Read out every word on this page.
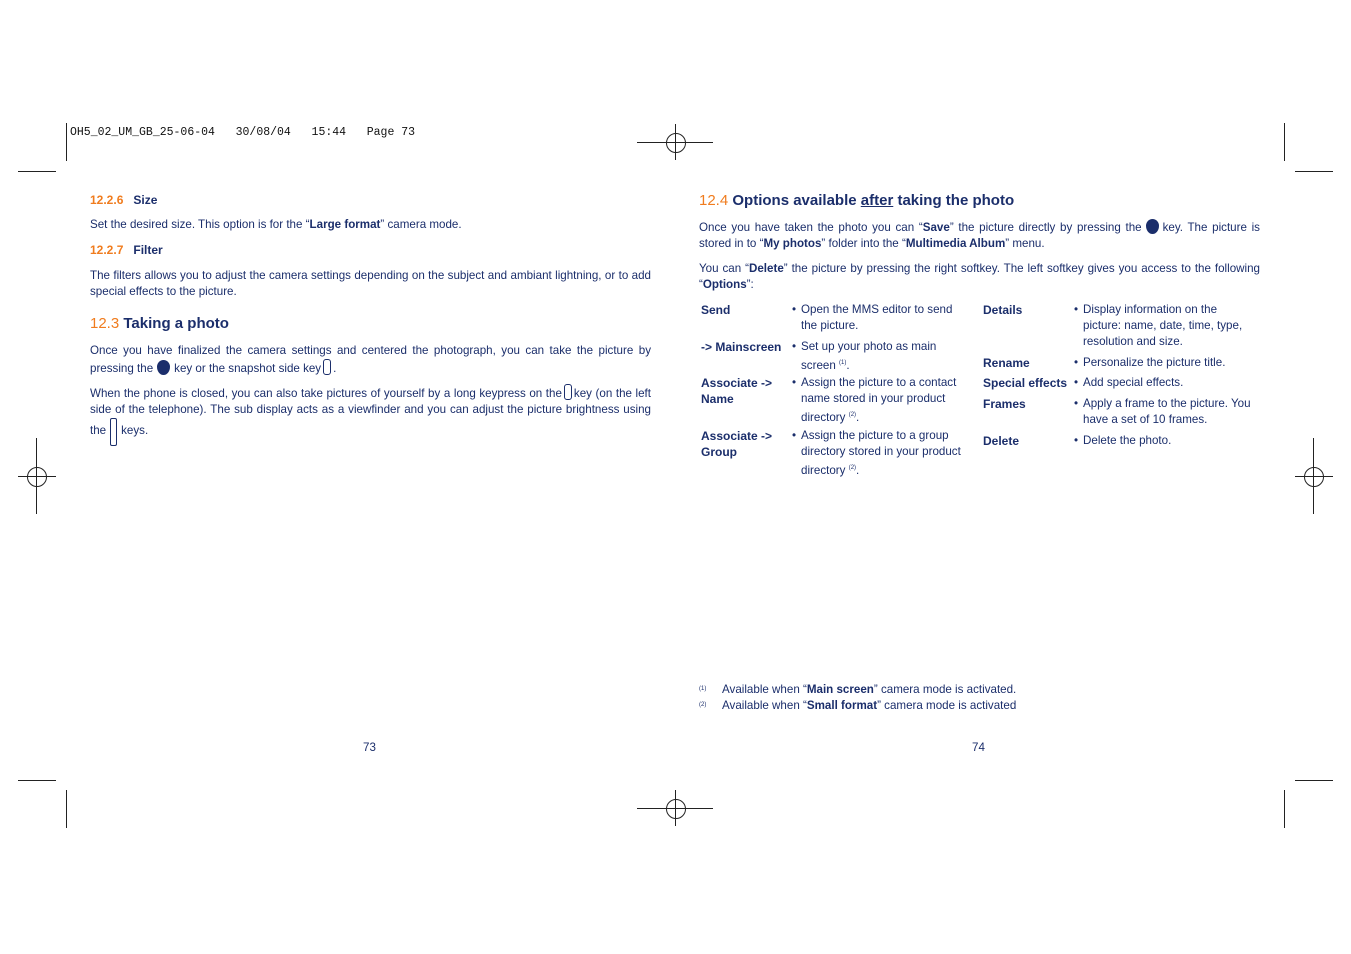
OH5_02_UM_GB_25-06-04   30/08/04   15:44   Page 73
12.2.6 Size
Set the desired size. This option is for the “Large format” camera mode.
12.2.7 Filter
The filters allows you to adjust the camera settings depending on the subject and ambiant lightning, or to add special effects to the picture.
12.3 Taking a photo
Once you have finalized the camera settings and centered the photograph, you can take the picture by pressing the key or the snapshot side key .
When the phone is closed, you can also take pictures of yourself by a long keypress on the key (on the left side of the telephone). The sub display acts as a viewfinder and you can adjust the picture brightness using the keys.
73
12.4 Options available after taking the photo
Once you have taken the photo you can “Save” the picture directly by pressing the key. The picture is stored in to “My photos” folder into the “Multimedia Album” menu.
You can “Delete” the picture by pressing the right softkey. The left softkey gives you access to the following “Options”:
Send	• Open the MMS editor to send the picture.
-> Mainscreen • Set up your photo as main screen $^{(1)}$.
Associate -> Name
• Assign the picture to a contact name stored in your product directory $^{(2)}$.
Associate -> Group
• Assign the picture to a group directory stored in your product directory $^{(2)}$.
Details	• Display information on the picture: name, date, time, type, resolution and size.
Rename	• Personalize the picture title.
Special effects • Add special effects.
Frames	• Apply a frame to the picture. You have a set of 10 frames.
Delete	• Delete the photo.
(1) Available when “Main screen” camera mode is activated.
(2) Available when “Small format” camera mode is activated
74
